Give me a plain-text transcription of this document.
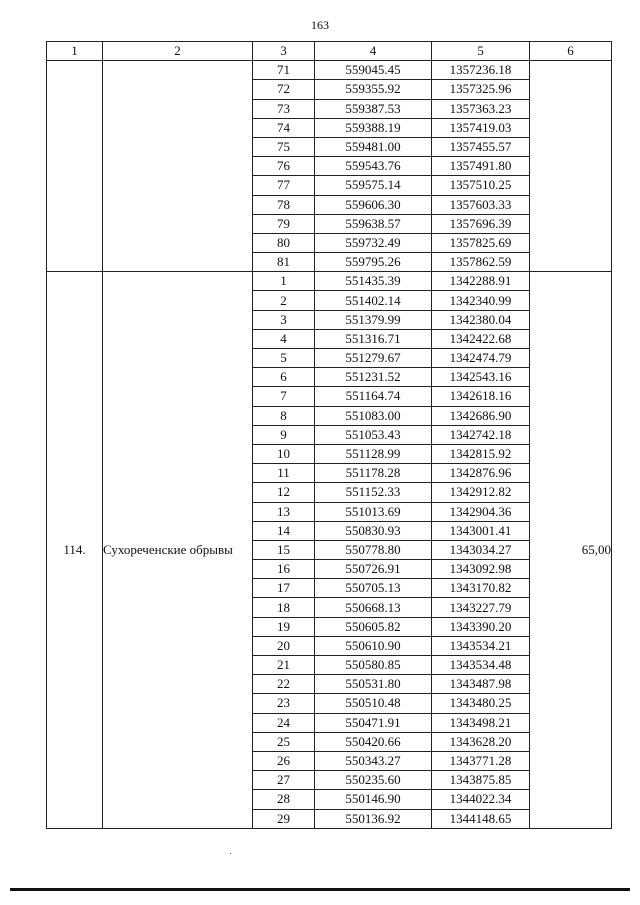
163
1	2	3	4	5	6
		71	559045.45	1357236.18	
		72	559355.92	1357325.96	
		73	559387.53	1357363.23	
		74	559388.19	1357419.03	
		75	559481.00	1357455.57	
		76	559543.76	1357491.80	
		77	559575.14	1357510.25	
		78	559606.30	1357603.33	
		79	559638.57	1357696.39	
		80	559732.49	1357825.69	
		81	559795.26	1357862.59	
114.	Сухореченские обрывы	1	551435.39	1342288.91	65,00
		2	551402.14	1342340.99	
		3	551379.99	1342380.04	
		4	551316.71	1342422.68	
		5	551279.67	1342474.79	
		6	551231.52	1342543.16	
		7	551164.74	1342618.16	
		8	551083.00	1342686.90	
		9	551053.43	1342742.18	
		10	551128.99	1342815.92	
		11	551178.28	1342876.96	
		12	551152.33	1342912.82	
		13	551013.69	1342904.36	
		14	550830.93	1343001.41	
		15	550778.80	1343034.27	
		16	550726.91	1343092.98	
		17	550705.13	1343170.82	
		18	550668.13	1343227.79	
		19	550605.82	1343390.20	
		20	550610.90	1343534.21	
		21	550580.85	1343534.48	
		22	550531.80	1343487.98	
		23	550510.48	1343480.25	
		24	550471.91	1343498.21	
		25	550420.66	1343628.20	
		26	550343.27	1343771.28	
		27	550235.60	1343875.85	
		28	550146.90	1344022.34	
		29	550136.92	1344148.65	
